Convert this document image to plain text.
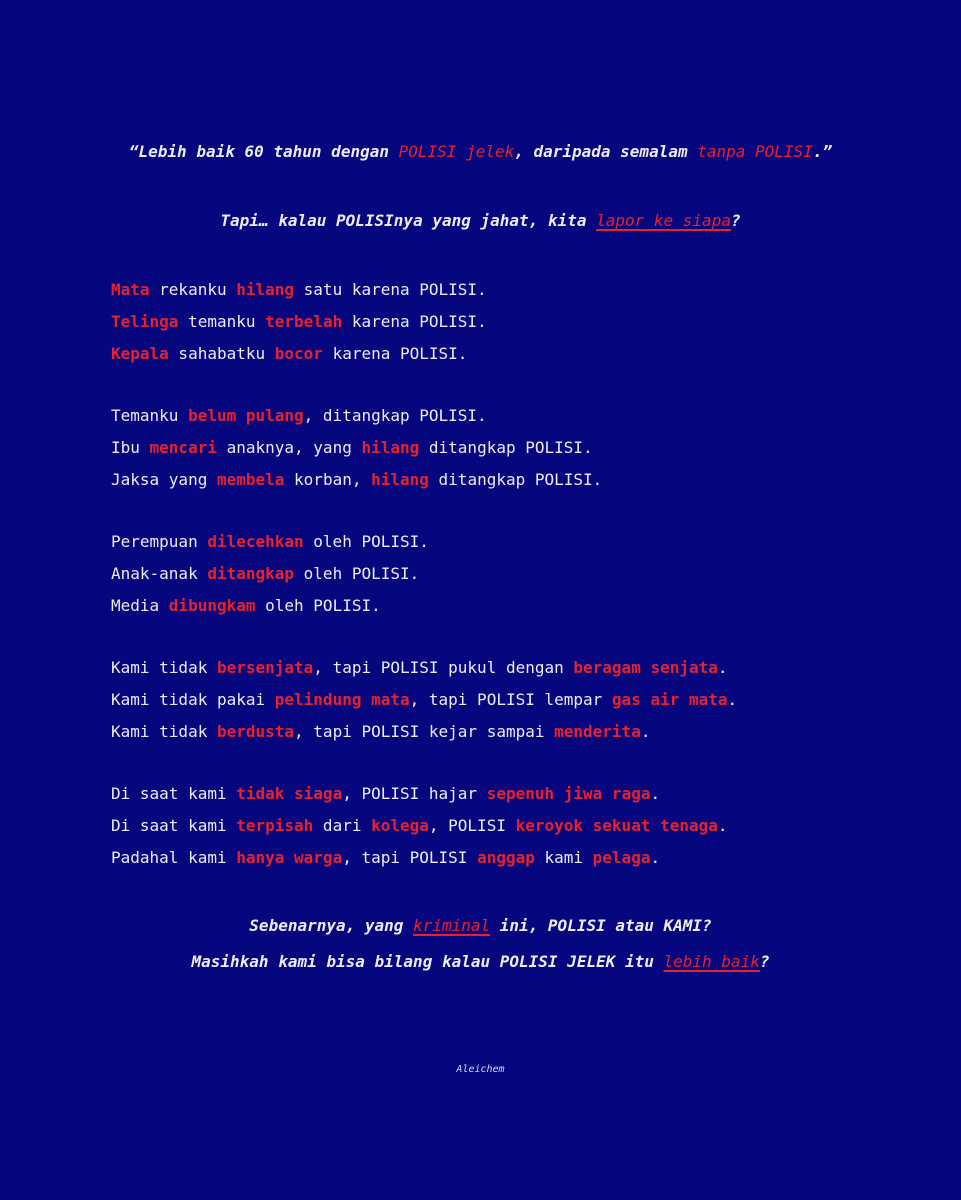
“Lebih baik 60 tahun dengan POLISI jelek, daripada semalam tanpa POLISI.”
Tapi… kalau POLISInya yang jahat, kita lapor ke siapa?
Mata rekanku hilang satu karena POLISI.
Telinga temanku terbelah karena POLISI.
Kepala sahabatku bocor karena POLISI.
Temanku belum pulang, ditangkap POLISI.
Ibu mencari anaknya, yang hilang ditangkap POLISI.
Jaksa yang membela korban, hilang ditangkap POLISI.
Perempuan dilecehkan oleh POLISI.
Anak-anak ditangkap oleh POLISI.
Media dibungkam oleh POLISI.
Kami tidak bersenjata, tapi POLISI pukul dengan beragam senjata.
Kami tidak pakai pelindung mata, tapi POLISI lempar gas air mata.
Kami tidak berdusta, tapi POLISI kejar sampai menderita.
Di saat kami tidak siaga, POLISI hajar sepenuh jiwa raga.
Di saat kami terpisah dari kolega, POLISI keroyok sekuat tenaga.
Padahal kami hanya warga, tapi POLISI anggap kami pelaga.
Sebenarnya, yang kriminal ini, POLISI atau KAMI?
Masihkah kami bisa bilang kalau POLISI JELEK itu lebih baik?
Aleichem
